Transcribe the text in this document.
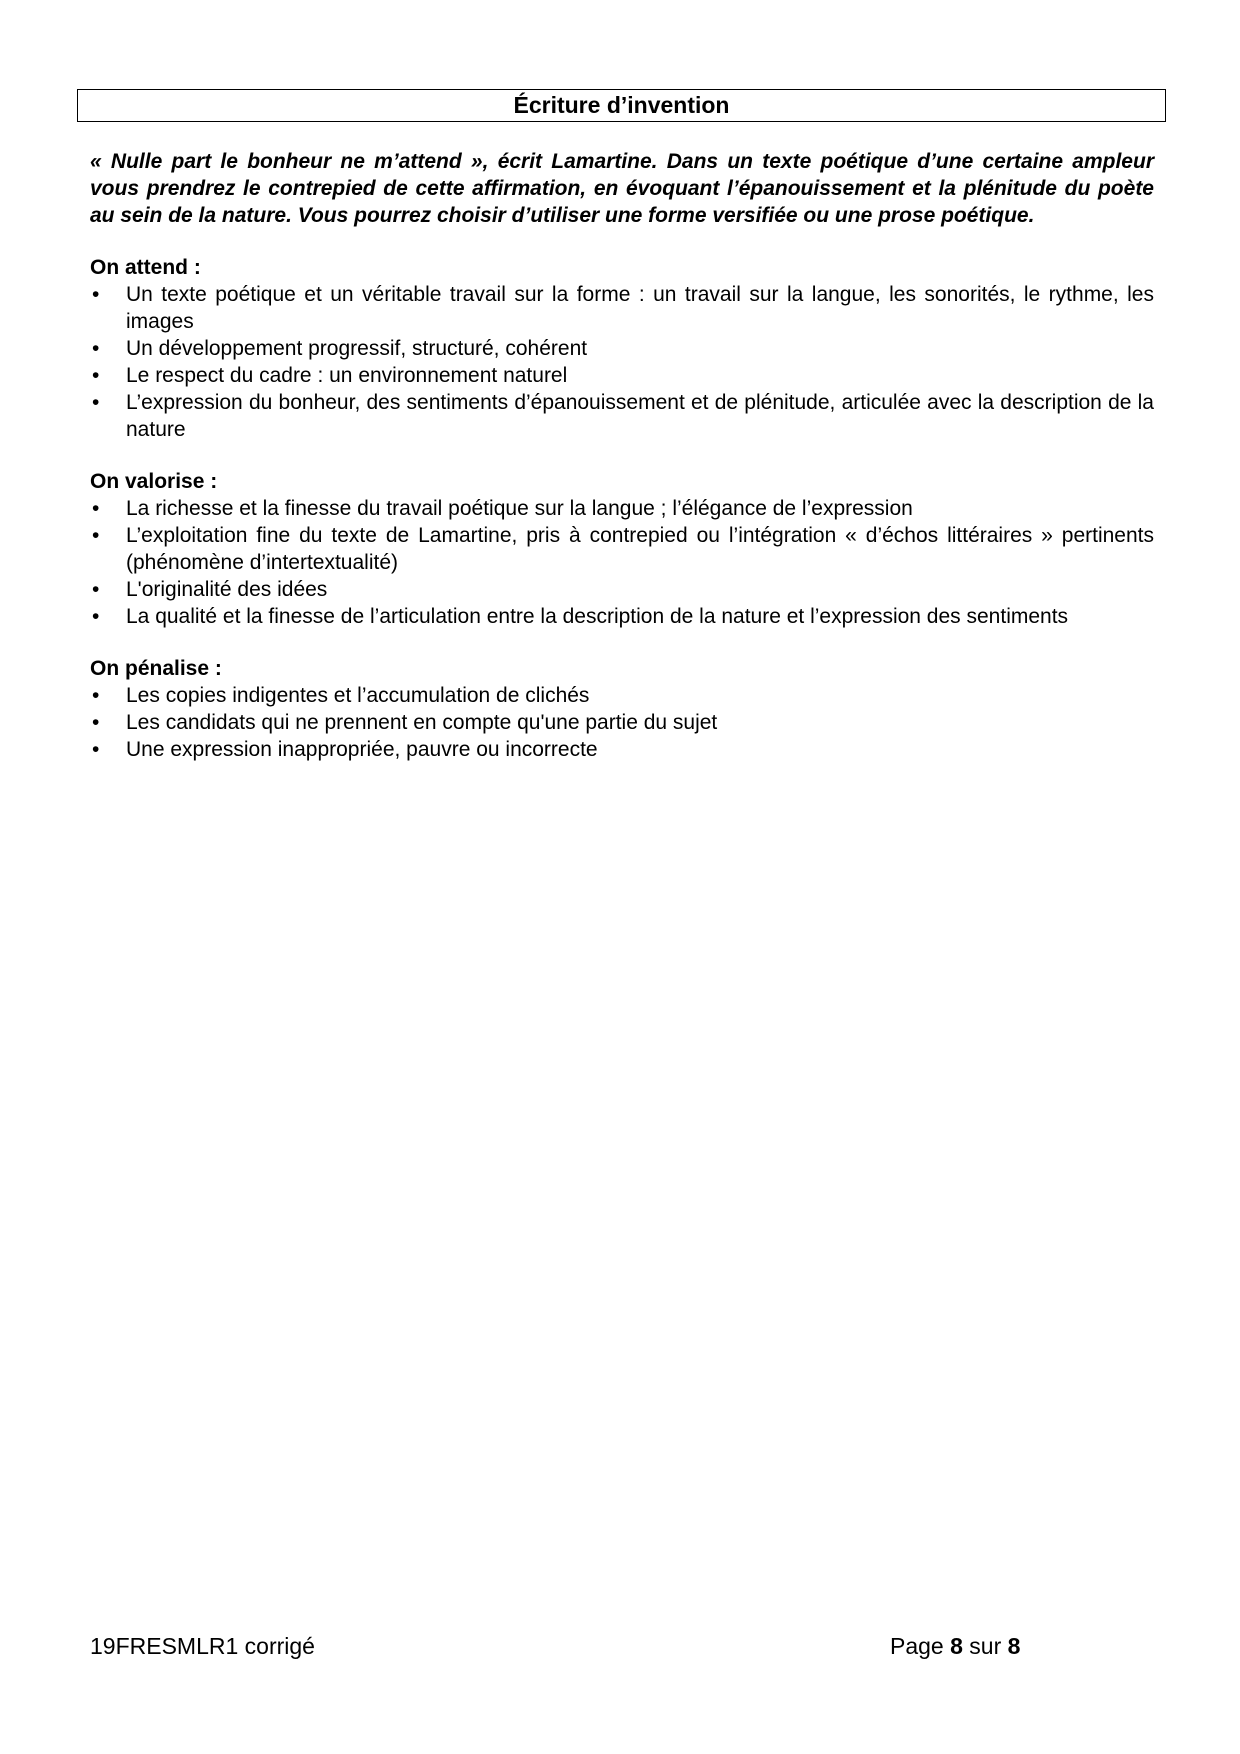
Écriture d’invention

« Nulle part le bonheur ne m’attend », écrit Lamartine. Dans un texte poétique d’une certaine ampleur vous prendrez le contrepied de cette affirmation, en évoquant l’épanouissement et la plénitude du poète au sein de la nature. Vous pourrez choisir d’utiliser une forme versifiée ou une prose poétique.

On attend :
• Un texte poétique et un véritable travail sur la forme : un travail sur la langue, les sonorités, le rythme, les images
• Un développement progressif, structuré, cohérent
• Le respect du cadre : un environnement naturel
• L’expression du bonheur, des sentiments d’épanouissement et de plénitude, articulée avec la description de la nature
On valorise :
• La richesse et la finesse du travail poétique sur la langue ; l’élégance de l’expression
• L’exploitation fine du texte de Lamartine, pris à contrepied ou l’intégration « d’échos littéraires » pertinents (phénomène d’intertextualité)
• L'originalité des idées
• La qualité et la finesse de l’articulation entre la description de la nature et l’expression des sentiments
On pénalise :
• Les copies indigentes et l’accumulation de clichés
• Les candidats qui ne prennent en compte qu'une partie du sujet
• Une expression inappropriée, pauvre ou incorrecte
19FRESMLR1 corrigé	Page 8 sur 8
